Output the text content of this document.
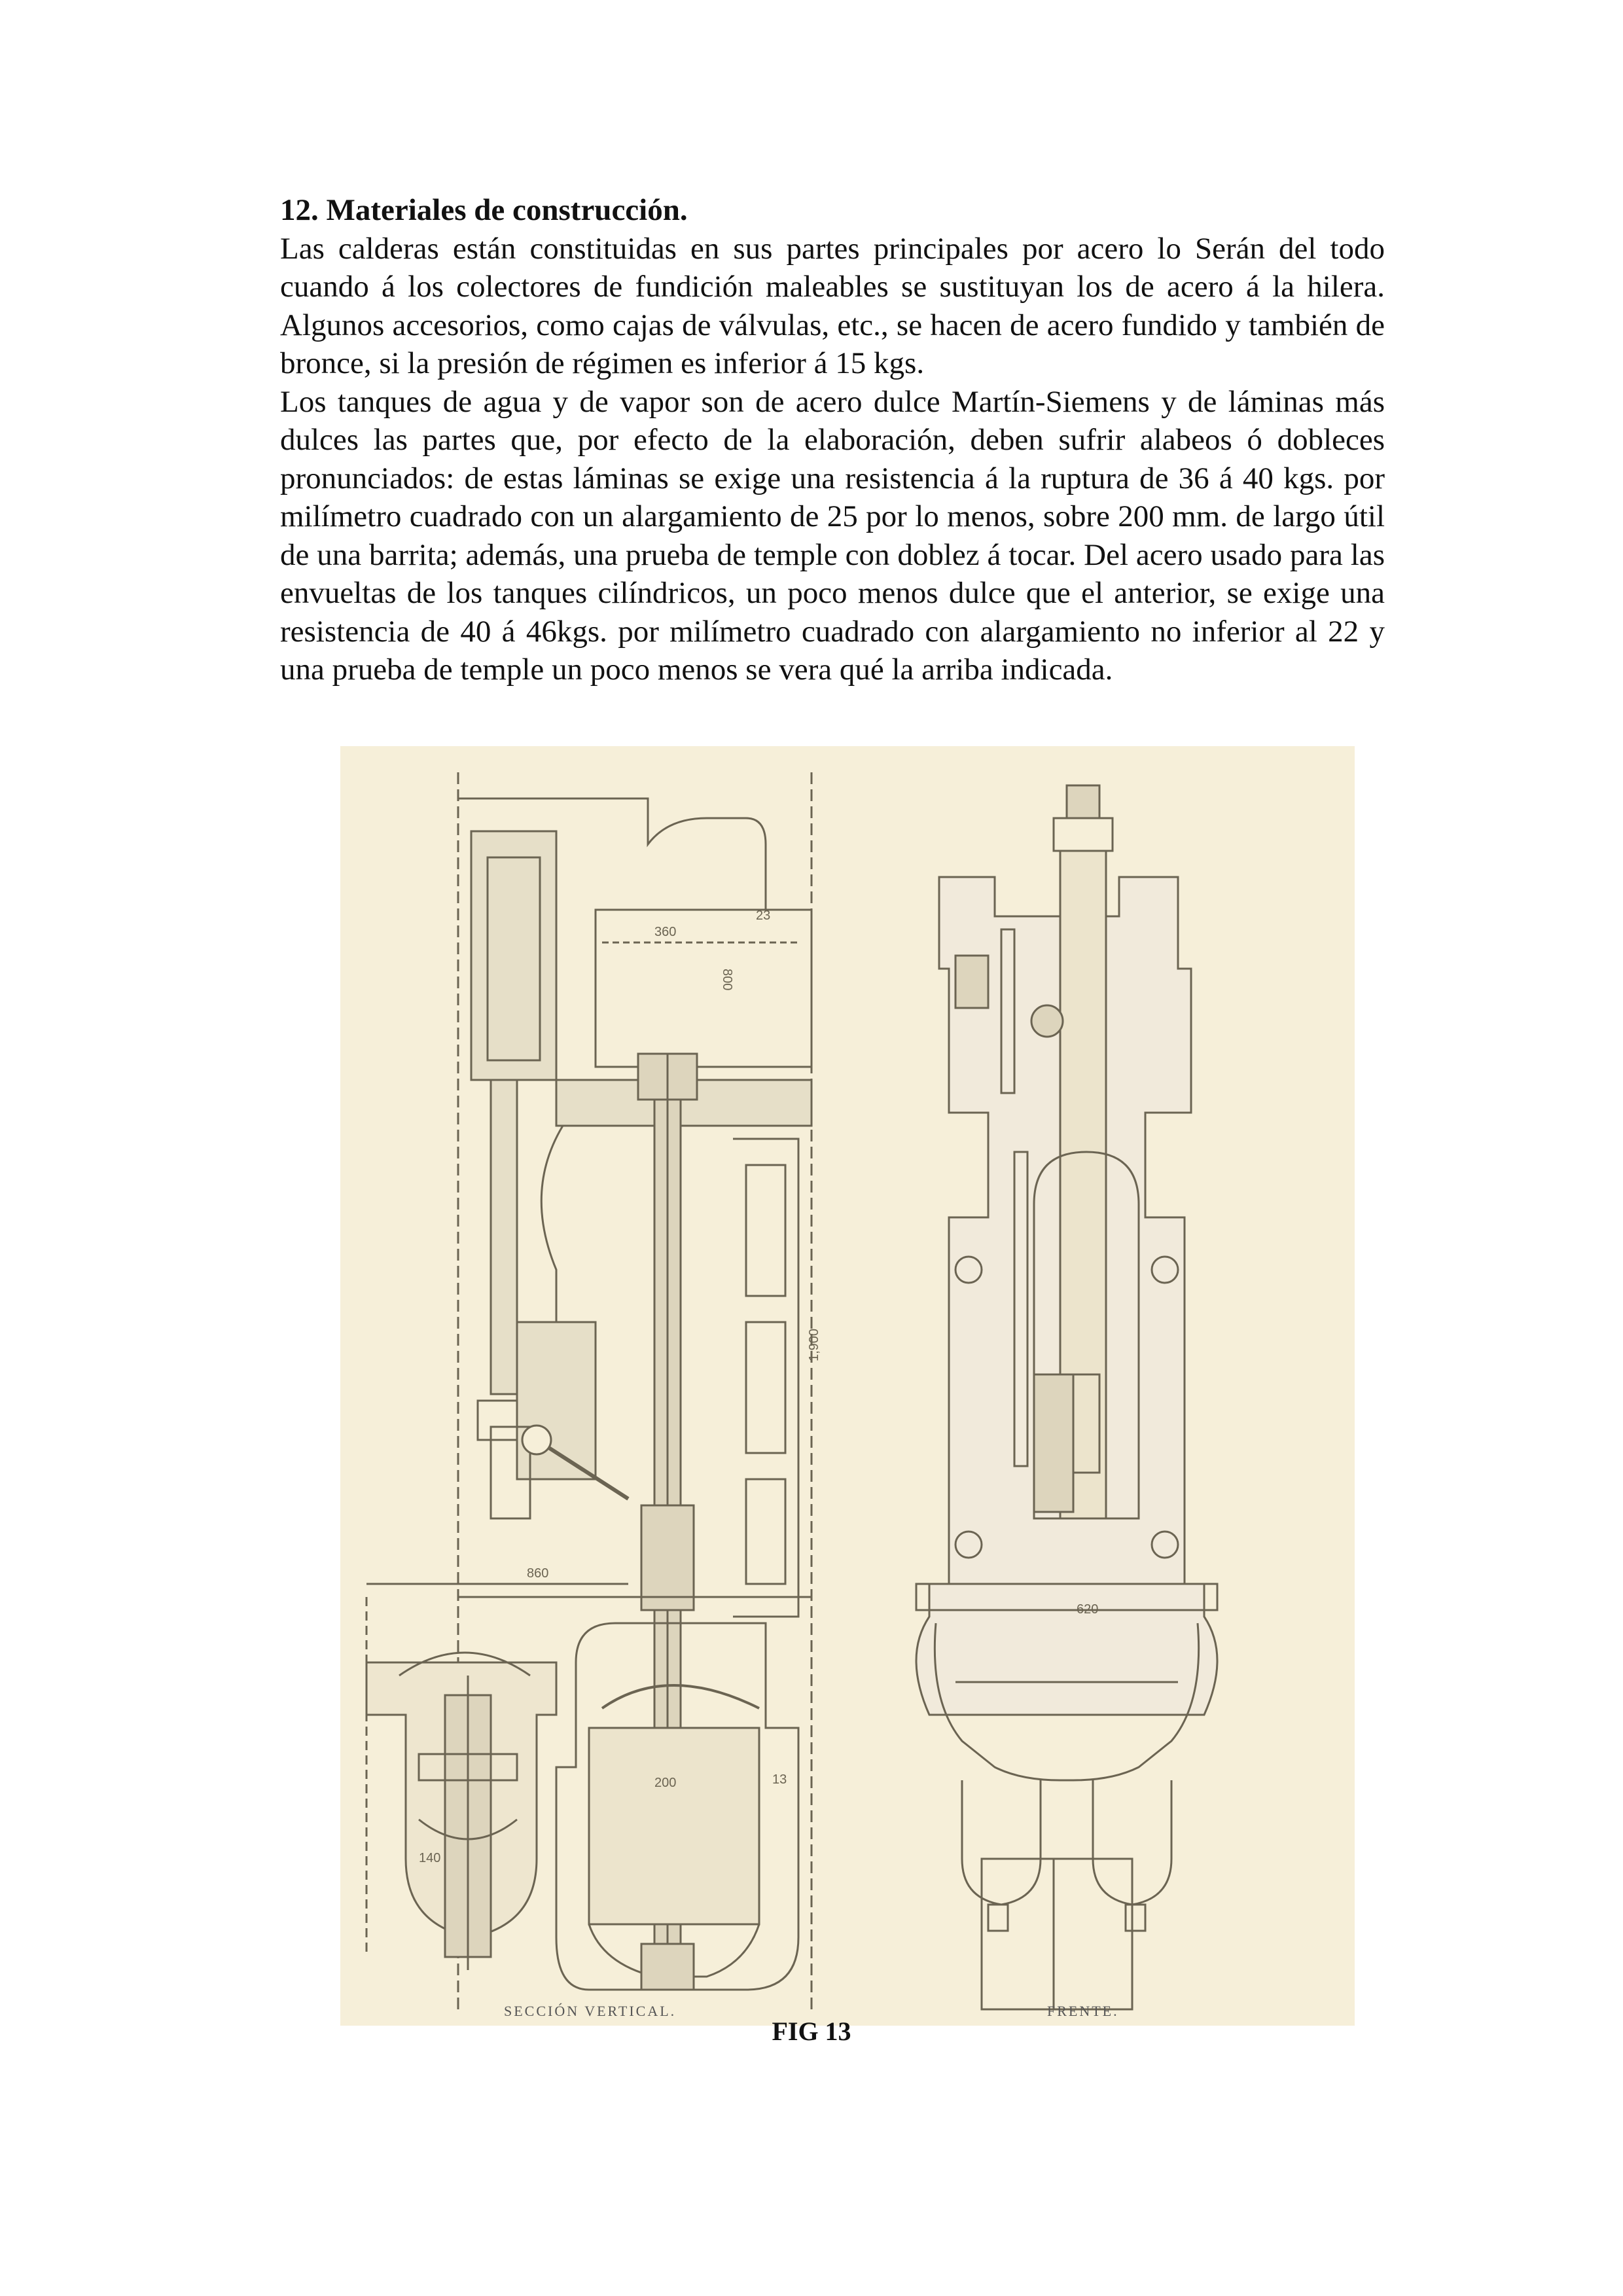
12. Materiales de construcción.

Las calderas están constituidas en sus partes principales por acero lo Serán del todo cuando á los colectores de fundición maleables se sustituyan los de acero á la hilera. Algunos accesorios, como cajas de válvulas, etc., se hacen de acero fundido y también de bronce, si la presión de régimen es inferior á 15 kgs.

Los tanques de agua y de vapor son de acero dulce Martín-Siemens y de láminas más dulces las partes que, por efecto de la elaboración, deben sufrir alabeos ó dobleces pronunciados: de estas láminas se exige una resistencia á la ruptura de 36 á 40 kgs. por milímetro cuadrado con un alargamiento de 25 por lo menos, sobre 200 mm. de largo útil de una barrita; además, una prueba de temple con doblez á tocar. Del acero usado para las envueltas de los tanques cilíndricos, un poco menos dulce que el anterior, se exige una resistencia de 40 á 46kgs. por milímetro cuadrado con alargamiento no inferior al 22 y una prueba de temple un poco menos se vera qué la arriba indicada.

360
800
23
1,900
860
200	13
140
620
SECCIÓN VERTICAL.	FRENTE.
FIG 13
